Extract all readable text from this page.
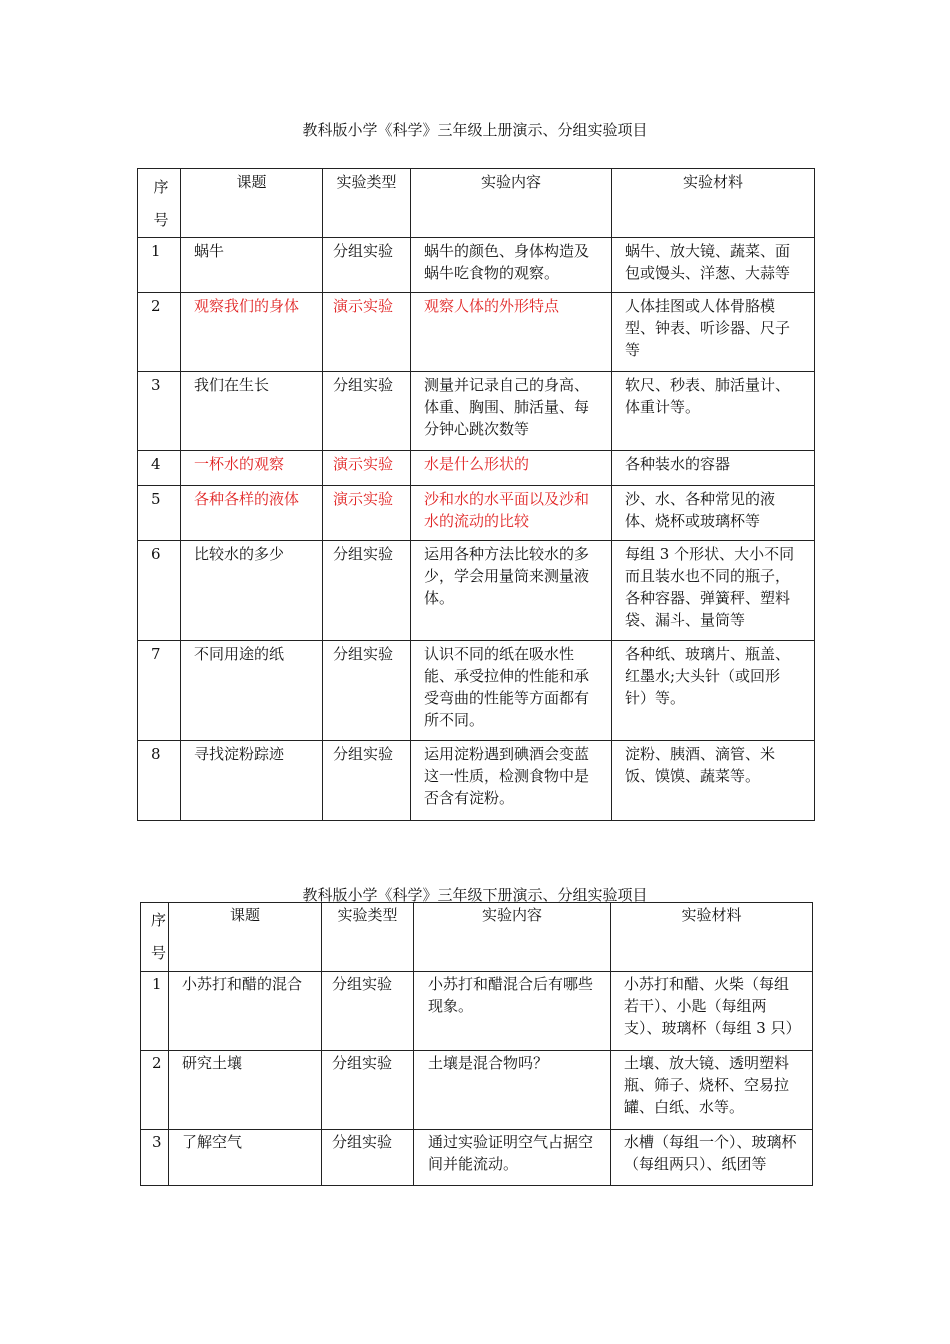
教科版小学《科学》三年级上册演示、分组实验项目
序号	课题	实验类型	实验内容	实验材料

1	蜗牛	分组实验	蜗牛的颜色、身体构造及蜗牛吃食物的观察。	蜗牛、放大镜、蔬菜、面包或馒头、洋葱、大蒜等

2	观察我们的身体	演示实验	观察人体的外形特点	人体挂图或人体骨胳模型、钟表、听诊器、尺子等

3	我们在生长	分组实验	测量并记录自己的身高、体重、胸围、肺活量、每分钟心跳次数等	软尺、秒表、肺活量计、体重计等。

4	一杯水的观察	演示实验	水是什么形状的	各种装水的容器

5	各种各样的液体	演示实验	沙和水的水平面以及沙和水的流动的比较	沙、水、各种常见的液体、烧杯或玻璃杯等

6	比较水的多少	分组实验	运用各种方法比较水的多少，学会用量筒来测量液体。	每组 3 个形状、大小不同而且装水也不同的瓶子，各种容器、弹簧秤、塑料袋、漏斗、量筒等

7	不同用途的纸	分组实验	认识不同的纸在吸水性能、承受拉伸的性能和承受弯曲的性能等方面都有所不同。	各种纸、玻璃片、瓶盖、红墨水;大头针（或回形针）等。

8	寻找淀粉踪迹	分组实验	运用淀粉遇到碘酒会变蓝这一性质，检测食物中是否含有淀粉。	淀粉、胰酒、滴管、米饭、馍馍、蔬菜等。
教科版小学《科学》三年级下册演示、分组实验项目
序号	课题	实验类型	实验内容	实验材料

1	小苏打和醋的混合	分组实验	小苏打和醋混合后有哪些现象。	小苏打和醋、火柴（每组若干）、小匙（每组两支）、玻璃杯（每组 3 只）

2	研究土壤	分组实验	土壤是混合物吗？	土壤、放大镜、透明塑料瓶、筛子、烧杯、空易拉罐、白纸、水等。

3	了解空气	分组实验	通过实验证明空气占据空间并能流动。	水槽（每组一个）、玻璃杯（每组两只）、纸团等
